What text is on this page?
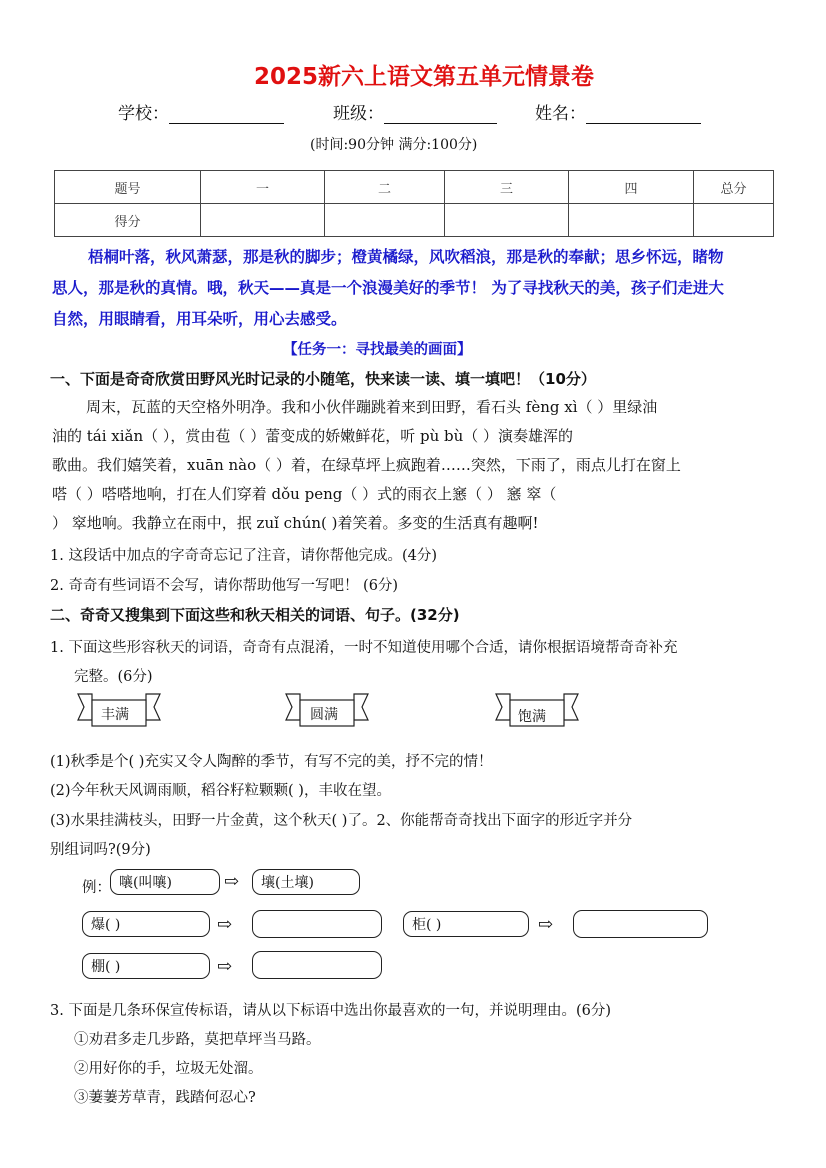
2025新六上语文第五单元情景卷
学校：	班级：	姓名：
(时间:90分钟 满分:100分)
题号	一	二	三	四	总分
得分					
梧桐叶落，秋风萧瑟，那是秋的脚步；橙黄橘绿，风吹稻浪，那是秋的奉献；思乡怀远，睹物
思人，那是秋的真情。哦，秋天——真是一个浪漫美好的季节！ 为了寻找秋天的美，孩子们走进大
自然，用眼睛看，用耳朵听，用心去感受。
【任务一：寻找最美的画面】
一、下面是奇奇欣赏田野风光时记录的小随笔，快来读一读、填一填吧！（10分）
周末，瓦蓝的天空格外明净。我和小伙伴蹦跳着来到田野，看石头 fèng xì（ ）里绿油
油的 tái xiǎn（ ），赏由苞（ ）蕾变成的娇嫩鲜花，听 pù bù（ ）演奏雄浑的
歌曲。我们嬉笑着，xuān nào（ ）着，在绿草坪上疯跑着……突然，下雨了，雨点儿打在窗上
嗒（ ）嗒嗒地响，打在人们穿着 dǒu peng（ ）式的雨衣上窸（ ） 窸 窣（
） 窣地响。我静立在雨中，抿 zuǐ chún( )着笑着。多变的生活真有趣啊!
1. 这段话中加点的字奇奇忘记了注音，请你帮他完成。(4分)
2. 奇奇有些词语不会写，请你帮助他写一写吧！ (6分)
二、奇奇又搜集到下面这些和秋天相关的词语、句子。(32分)
1. 下面这些形容秋天的词语，奇奇有点混淆，一时不知道使用哪个合适，请你根据语境帮奇奇补充
完整。(6分)
丰满	圆满	饱满
(1)秋季是个( )充实又令人陶醉的季节，有写不完的美，抒不完的情！
(2)今年秋天风调雨顺，稻谷籽粒颗颗( )，丰收在望。
(3)水果挂满枝头，田野一片金黄，这个秋天( )了。2、你能帮奇奇找出下面字的形近字并分
别组词吗?(9分)
例： 嚷(叫嚷)	⇨	壤(土壤)
爆( )	⇨	柜( )	⇨
棚( )	⇨
3. 下面是几条环保宣传标语，请从以下标语中选出你最喜欢的一句，并说明理由。(6分)
①劝君多走几步路，莫把草坪当马路。
②用好你的手，垃圾无处溜。
③萋萋芳草青，践踏何忍心?
